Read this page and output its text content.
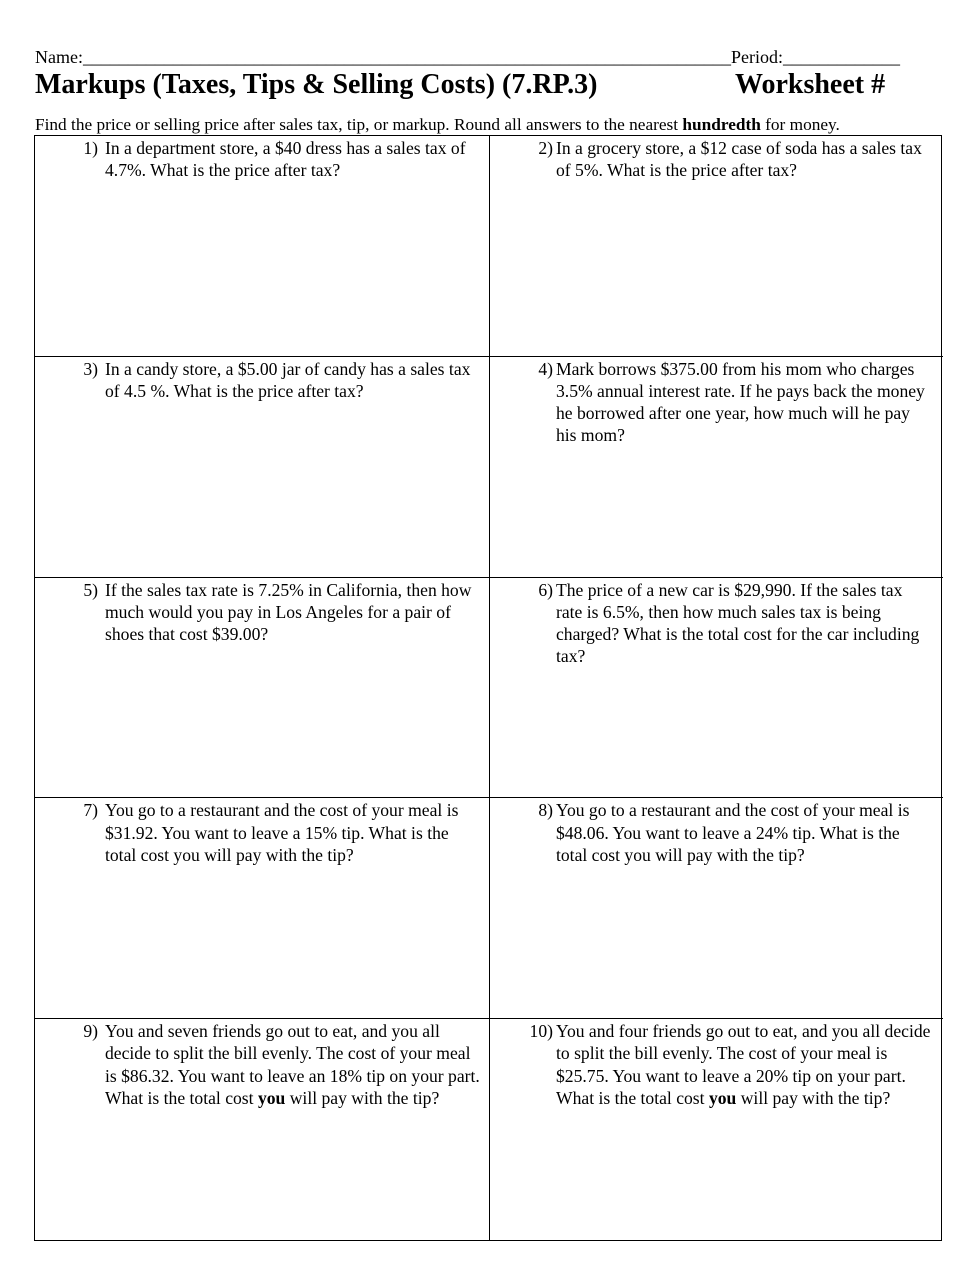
Name:________________________________________________________________________Period:_____________
Markups (Taxes, Tips & Selling Costs) (7.RP.3)	Worksheet #
Find the price or selling price after sales tax, tip, or markup. Round all answers to the nearest hundredth for money.
1) In a department store, a $40 dress has a sales tax of 4.7%. What is the price after tax?
2) In a grocery store, a $12 case of soda has a sales tax of 5%. What is the price after tax?
3) In a candy store, a $5.00 jar of candy has a sales tax of 4.5 %. What is the price after tax?
4) Mark borrows $375.00 from his mom who charges 3.5% annual interest rate. If he pays back the money he borrowed after one year, how much will he pay his mom?
5) If the sales tax rate is 7.25% in California, then how much would you pay in Los Angeles for a pair of shoes that cost $39.00?
6) The price of a new car is $29,990. If the sales tax rate is 6.5%, then how much sales tax is being charged? What is the total cost for the car including tax?
7) You go to a restaurant and the cost of your meal is $31.92. You want to leave a 15% tip. What is the total cost you will pay with the tip?
8) You go to a restaurant and the cost of your meal is $48.06. You want to leave a 24% tip. What is the total cost you will pay with the tip?
9) You and seven friends go out to eat, and you all decide to split the bill evenly. The cost of your meal is $86.32. You want to leave an 18% tip on your part. What is the total cost you will pay with the tip?
10) You and four friends go out to eat, and you all decide to split the bill evenly. The cost of your meal is $25.75. You want to leave a 20% tip on your part. What is the total cost you will pay with the tip?
